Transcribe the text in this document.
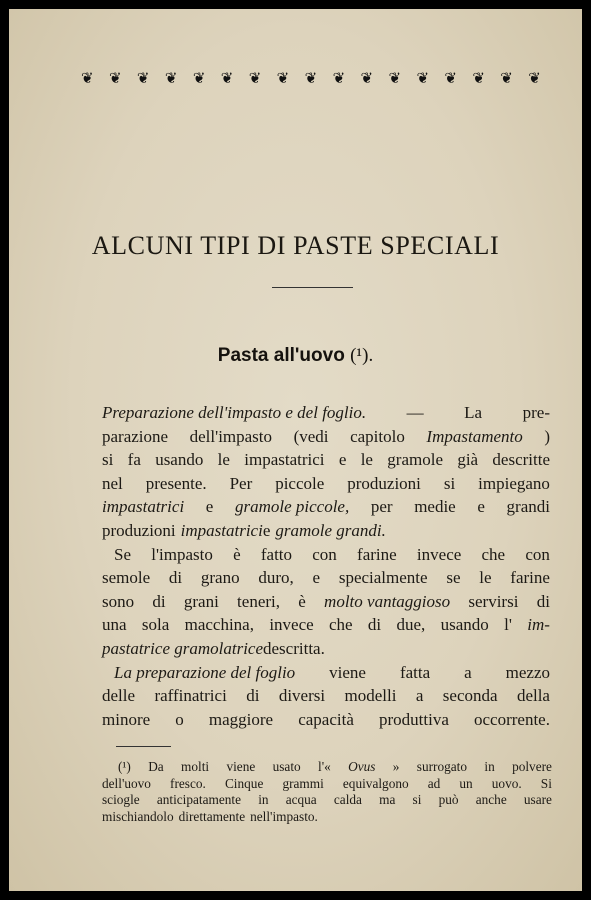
❦ ❦ ❦ ❦ ❦ ❦ ❦ ❦ ❦ ❦ ❦ ❦ ❦ ❦ ❦ ❦ ❦
ALCUNI TIPI DI PASTE SPECIALI
Pasta all'uovo (¹).
Preparazione dell'impasto e del foglio. — La pre-
parazione dell'impasto (vedi capitolo Impastamento )
si fa usando le impastatrici e le gramole già descritte
nel presente. Per piccole produzioni si impiegano
impastatrici e gramole piccole, per medie e grandi
produzioni impastatrici e gramole grandi.
Se l'impasto è fatto con farine invece che con
semole di grano duro, e specialmente se le farine
sono di grani teneri, è molto vantaggioso servirsi di
una sola macchina, invece che di due, usando l' im-
pastatrice gramolatrice descritta.
La preparazione del foglio viene fatta a mezzo
delle raffinatrici di diversi modelli a seconda della
minore o maggiore capacità produttiva occorrente.
(¹) Da molti viene usato l'« Ovus » surrogato in polvere
dell'uovo fresco. Cinque grammi equivalgono ad un uovo. Si
sciogle anticipatamente in acqua calda ma si può anche usare
mischiandolo direttamente nell'impasto.
